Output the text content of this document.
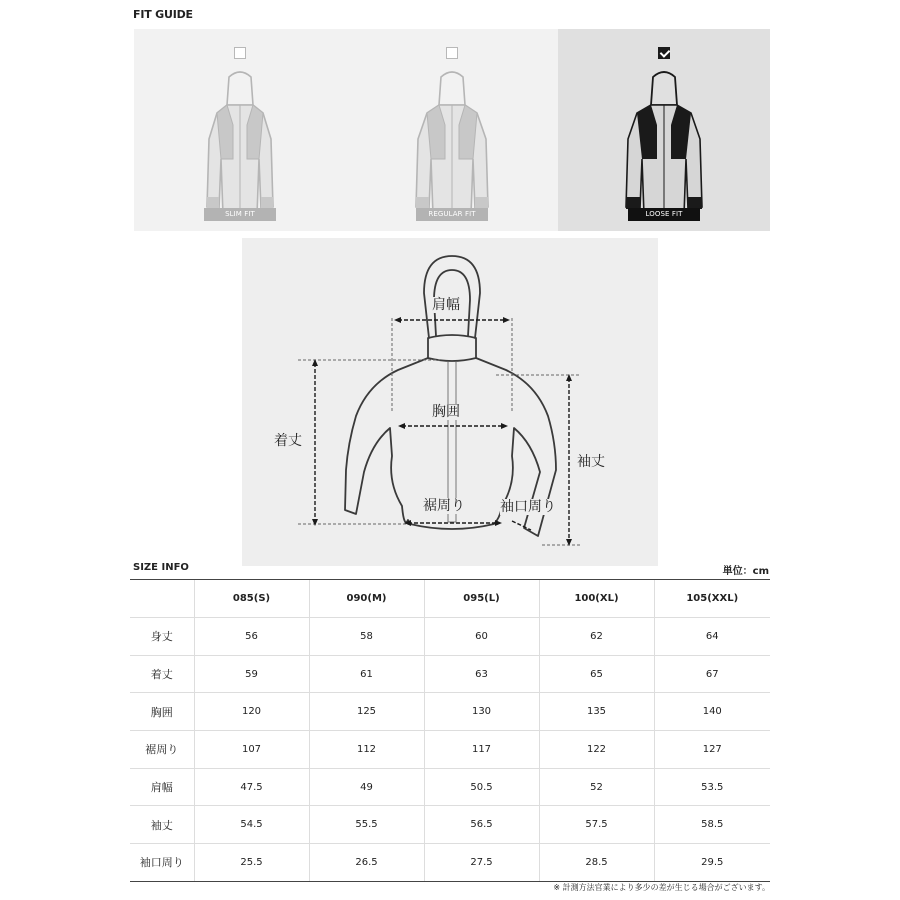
FIT GUIDE
SLIM FIT	REGULAR FIT	LOOSE FIT
肩幅
着丈
胸囲
袖丈
裾周り	袖口周り
SIZE INFO	単位：cm
	085(S)	090(M)	095(L)	100(XL)	105(XXL)
身丈	56	58	60	62	64
着丈	59	61	63	65	67
胸囲	120	125	130	135	140
裾周り	107	112	117	122	127
肩幅	47.5	49	50.5	52	53.5
袖丈	54.5	55.5	56.5	57.5	58.5
袖口周り	25.5	26.5	27.5	28.5	29.5
※ 計測方法官業により多少の差が生じる場合がございます。
